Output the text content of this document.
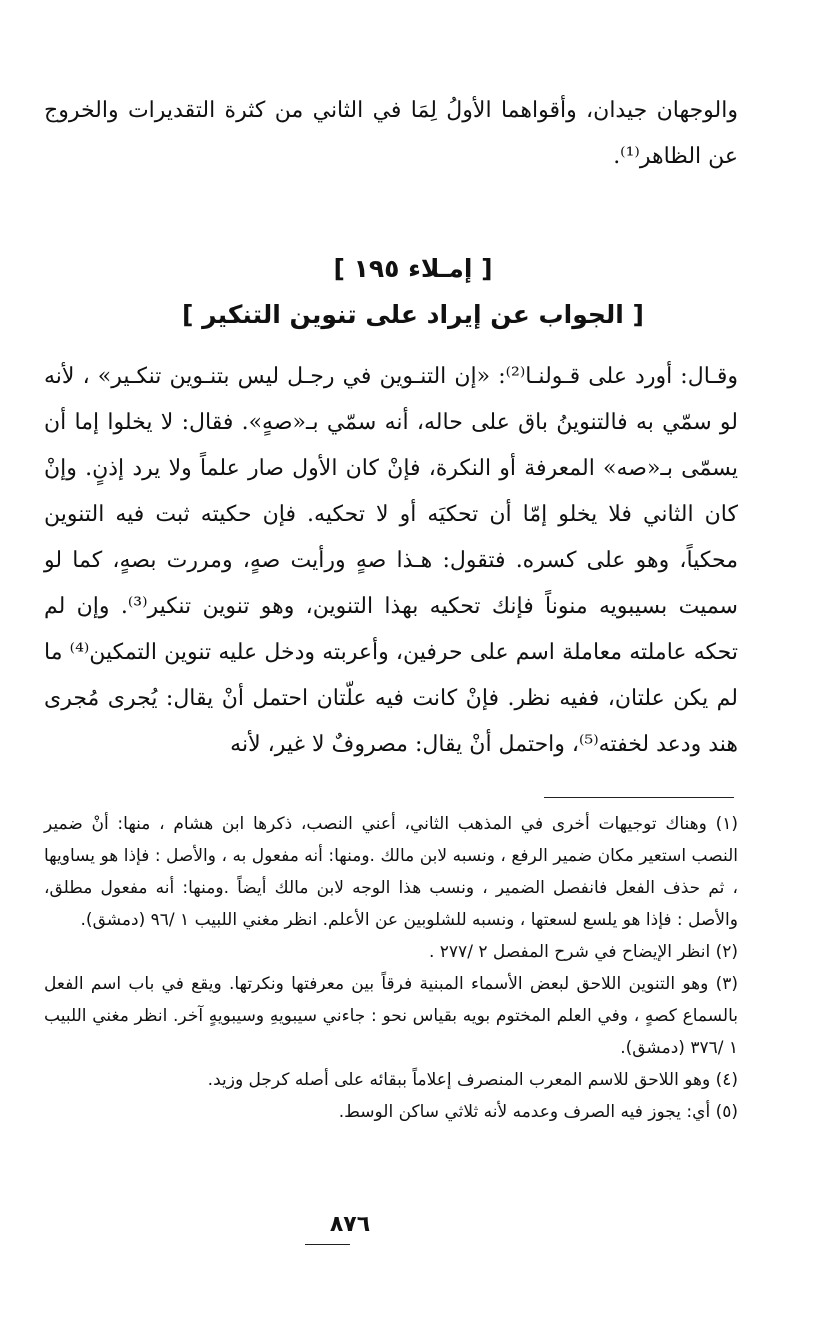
والوجهان جيدان، وأقواهما الأولُ لِمَا في الثاني من كثرة التقديرات والخروج عن الظاهر⁽¹⁾.

[ إمـلاء ١٩٥ ]
[ الجواب عن إيراد على تنوين التنكير ]

وقـال: أورد على قـولنـا⁽²⁾: «إن التنـوين في رجـل ليس بتنـوين تنكـير» ، لأنه لو سمّي به فالتنوينُ باق على حاله، أنه سمّي بـ«صهٍ». فقال: لا يخلوا إما أن يسمّى بـ«صه» المعرفة أو النكرة، فإنْ كان الأول صار علماً ولا يرد إذنٍ. وإنْ كان الثاني فلا يخلو إمّا أن تحكيَه أو لا تحكيه. فإن حكيته ثبت فيه التنوين محكياً، وهو على كسره. فتقول: هـذا صهٍ ورأيت صهٍ، ومررت بصهٍ، كما لو سميت بسيبويه منوناً فإنك تحكيه بهذا التنوين، وهو تنوين تنكير⁽³⁾. وإن لم تحكه عاملته معاملة اسم على حرفين، وأعربته ودخل عليه تنوين التمكين⁽⁴⁾ ما لم يكن علتان، ففيه نظر. فإنْ كانت فيه علّتان احتمل أنْ يقال: يُجرى مُجرى هند ودعد لخفته⁽⁵⁾، واحتمل أنْ يقال: مصروفٌ لا غير، لأنه

(١) وهناك توجيهات أخرى في المذهب الثاني، أعني النصب، ذكرها ابن هشام ، منها: أنْ ضمير النصب استعير مكان ضمير الرفع ، ونسبه لابن مالك .ومنها: أنه مفعول به ، والأصل : فإذا هو يساويها ، ثم حذف الفعل فانفصل الضمير ، ونسب هذا الوجه لابن مالك أيضاً .ومنها: أنه مفعول مطلق، والأصل : فإذا هو يلسع لسعتها ، ونسبه للشلوبين عن الأعلم. انظر مغني اللبيب ١ /٩٦ (دمشق).

(٢) انظر الإيضاح في شرح المفصل ٢ /٢٧٧ .

(٣) وهو التنوين اللاحق لبعض الأسماء المبنية فرقاً بين معرفتها ونكرتها. ويقع في باب اسم الفعل بالسماع كصهٍ ، وفي العلم المختوم بويه بقياس نحو : جاءني سيبويهِ وسيبويهٍ آخر. انظر مغني اللبيب ١ /٣٧٦ (دمشق).

(٤) وهو اللاحق للاسم المعرب المنصرف إعلاماً ببقائه على أصله كرجل وزيد.

(٥) أي: يجوز فيه الصرف وعدمه لأنه ثلاثي ساكن الوسط.

٨٧٦
